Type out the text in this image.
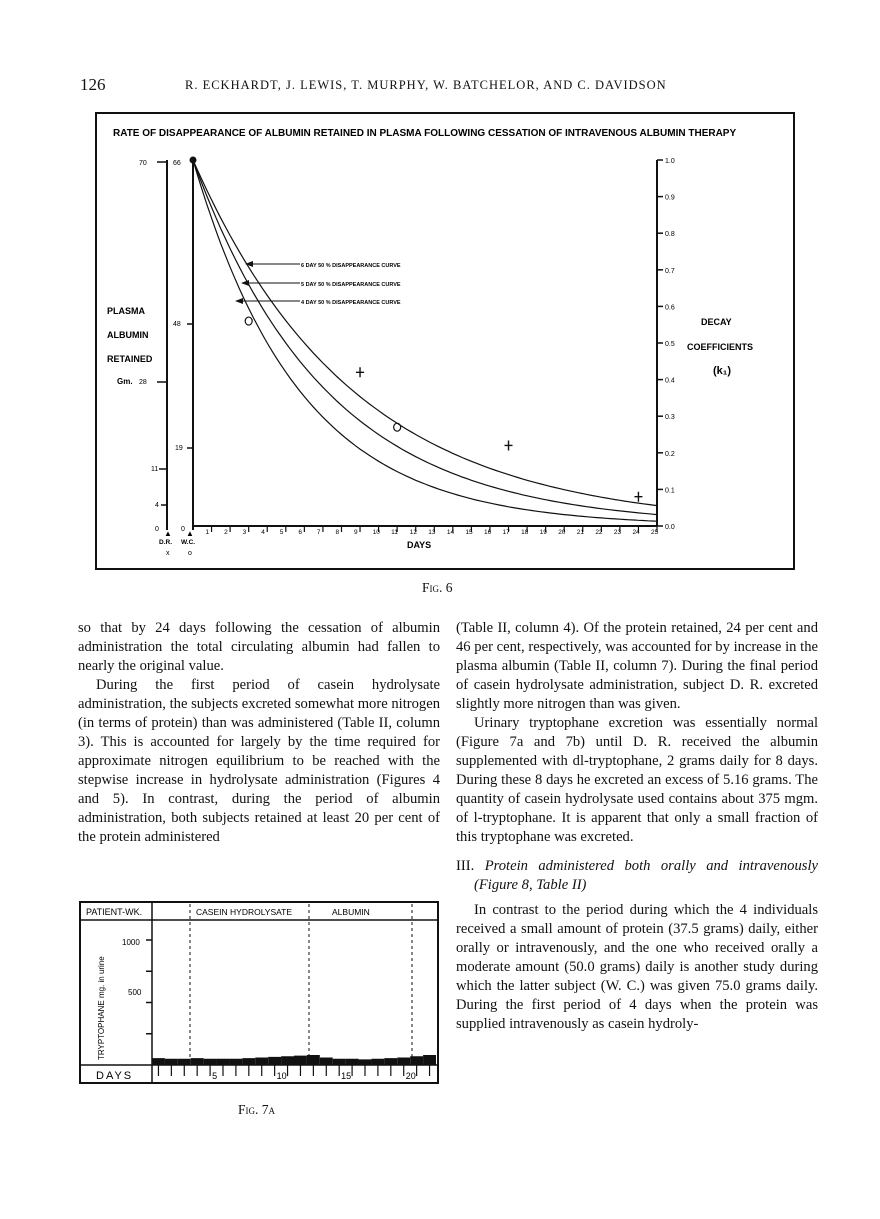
126	R. ECKHARDT, J. LEWIS, T. MURPHY, W. BATCHELOR, AND C. DAVIDSON
RATE OF DISAPPEARANCE OF ALBUMIN RETAINED IN PLASMA FOLLOWING CESSATION OF INTRAVENOUS ALBUMIN THERAPY
PLASMA
ALBUMIN
RETAINED
Gm.
DECAY
COEFFICIENTS
(k₁)
70
28
11
4
0
66
48
19
0
1.0
0.9
0.8
0.7
0.6
0.5
0.4
0.3
0.2
0.1
0.0
1 2 3 4 5 6 7 8 9 10 11 12 13 14 15 16 17 18 19 20 21 22 23 24 25
DAYS
D.R. W.C.
x	o
▲ ▲
6 DAY 50 % DISAPPEARANCE CURVE
5 DAY 50 % DISAPPEARANCE CURVE
4 DAY 50 % DISAPPEARANCE CURVE
Fig. 6

so that by 24 days following the cessation of albumin administration the total circulating albumin had fallen to nearly the original value.

During the first period of casein hydrolysate administration, the subjects excreted somewhat more nitrogen (in terms of protein) than was administered (Table II, column 3). This is accounted for largely by the time required for approximate nitrogen equilibrium to be reached with the stepwise increase in hydrolysate administration (Figures 4 and 5). In contrast, during the period of albumin administration, both subjects retained at least 20 per cent of the protein administered

(Table II, column 4). Of the protein retained, 24 per cent and 46 per cent, respectively, was accounted for by increase in the plasma albumin (Table II, column 7). During the final period of casein hydrolysate administration, subject D. R. excreted slightly more nitrogen than was given.

Urinary tryptophane excretion was essentially normal (Figure 7a and 7b) until D. R. received the albumin supplemented with dl-tryptophane, 2 grams daily for 8 days. During these 8 days he excreted an excess of 5.16 grams. The quantity of casein hydrolysate used contains about 375 mgm. of l-tryptophane. It is apparent that only a small fraction of this tryptophane was excreted.

III. Protein administered both orally and intravenously (Figure 8, Table II)

In contrast to the period during which the 4 individuals received a small amount of protein (37.5 grams) daily, either orally or intravenously, and the one who received orally a moderate amount (50.0 grams) daily is another study during which the latter subject (W. C.) was given 75.0 grams daily. During the first period of 4 days when the protein was supplied intravenously as casein hydroly-

PATIENT-WK.	CASEIN HYDROLYSATE	ALBUMIN
TRYPTOPHANE mg. in urine
1000
500
DAYS	5	10	15	20
Fig. 7a
